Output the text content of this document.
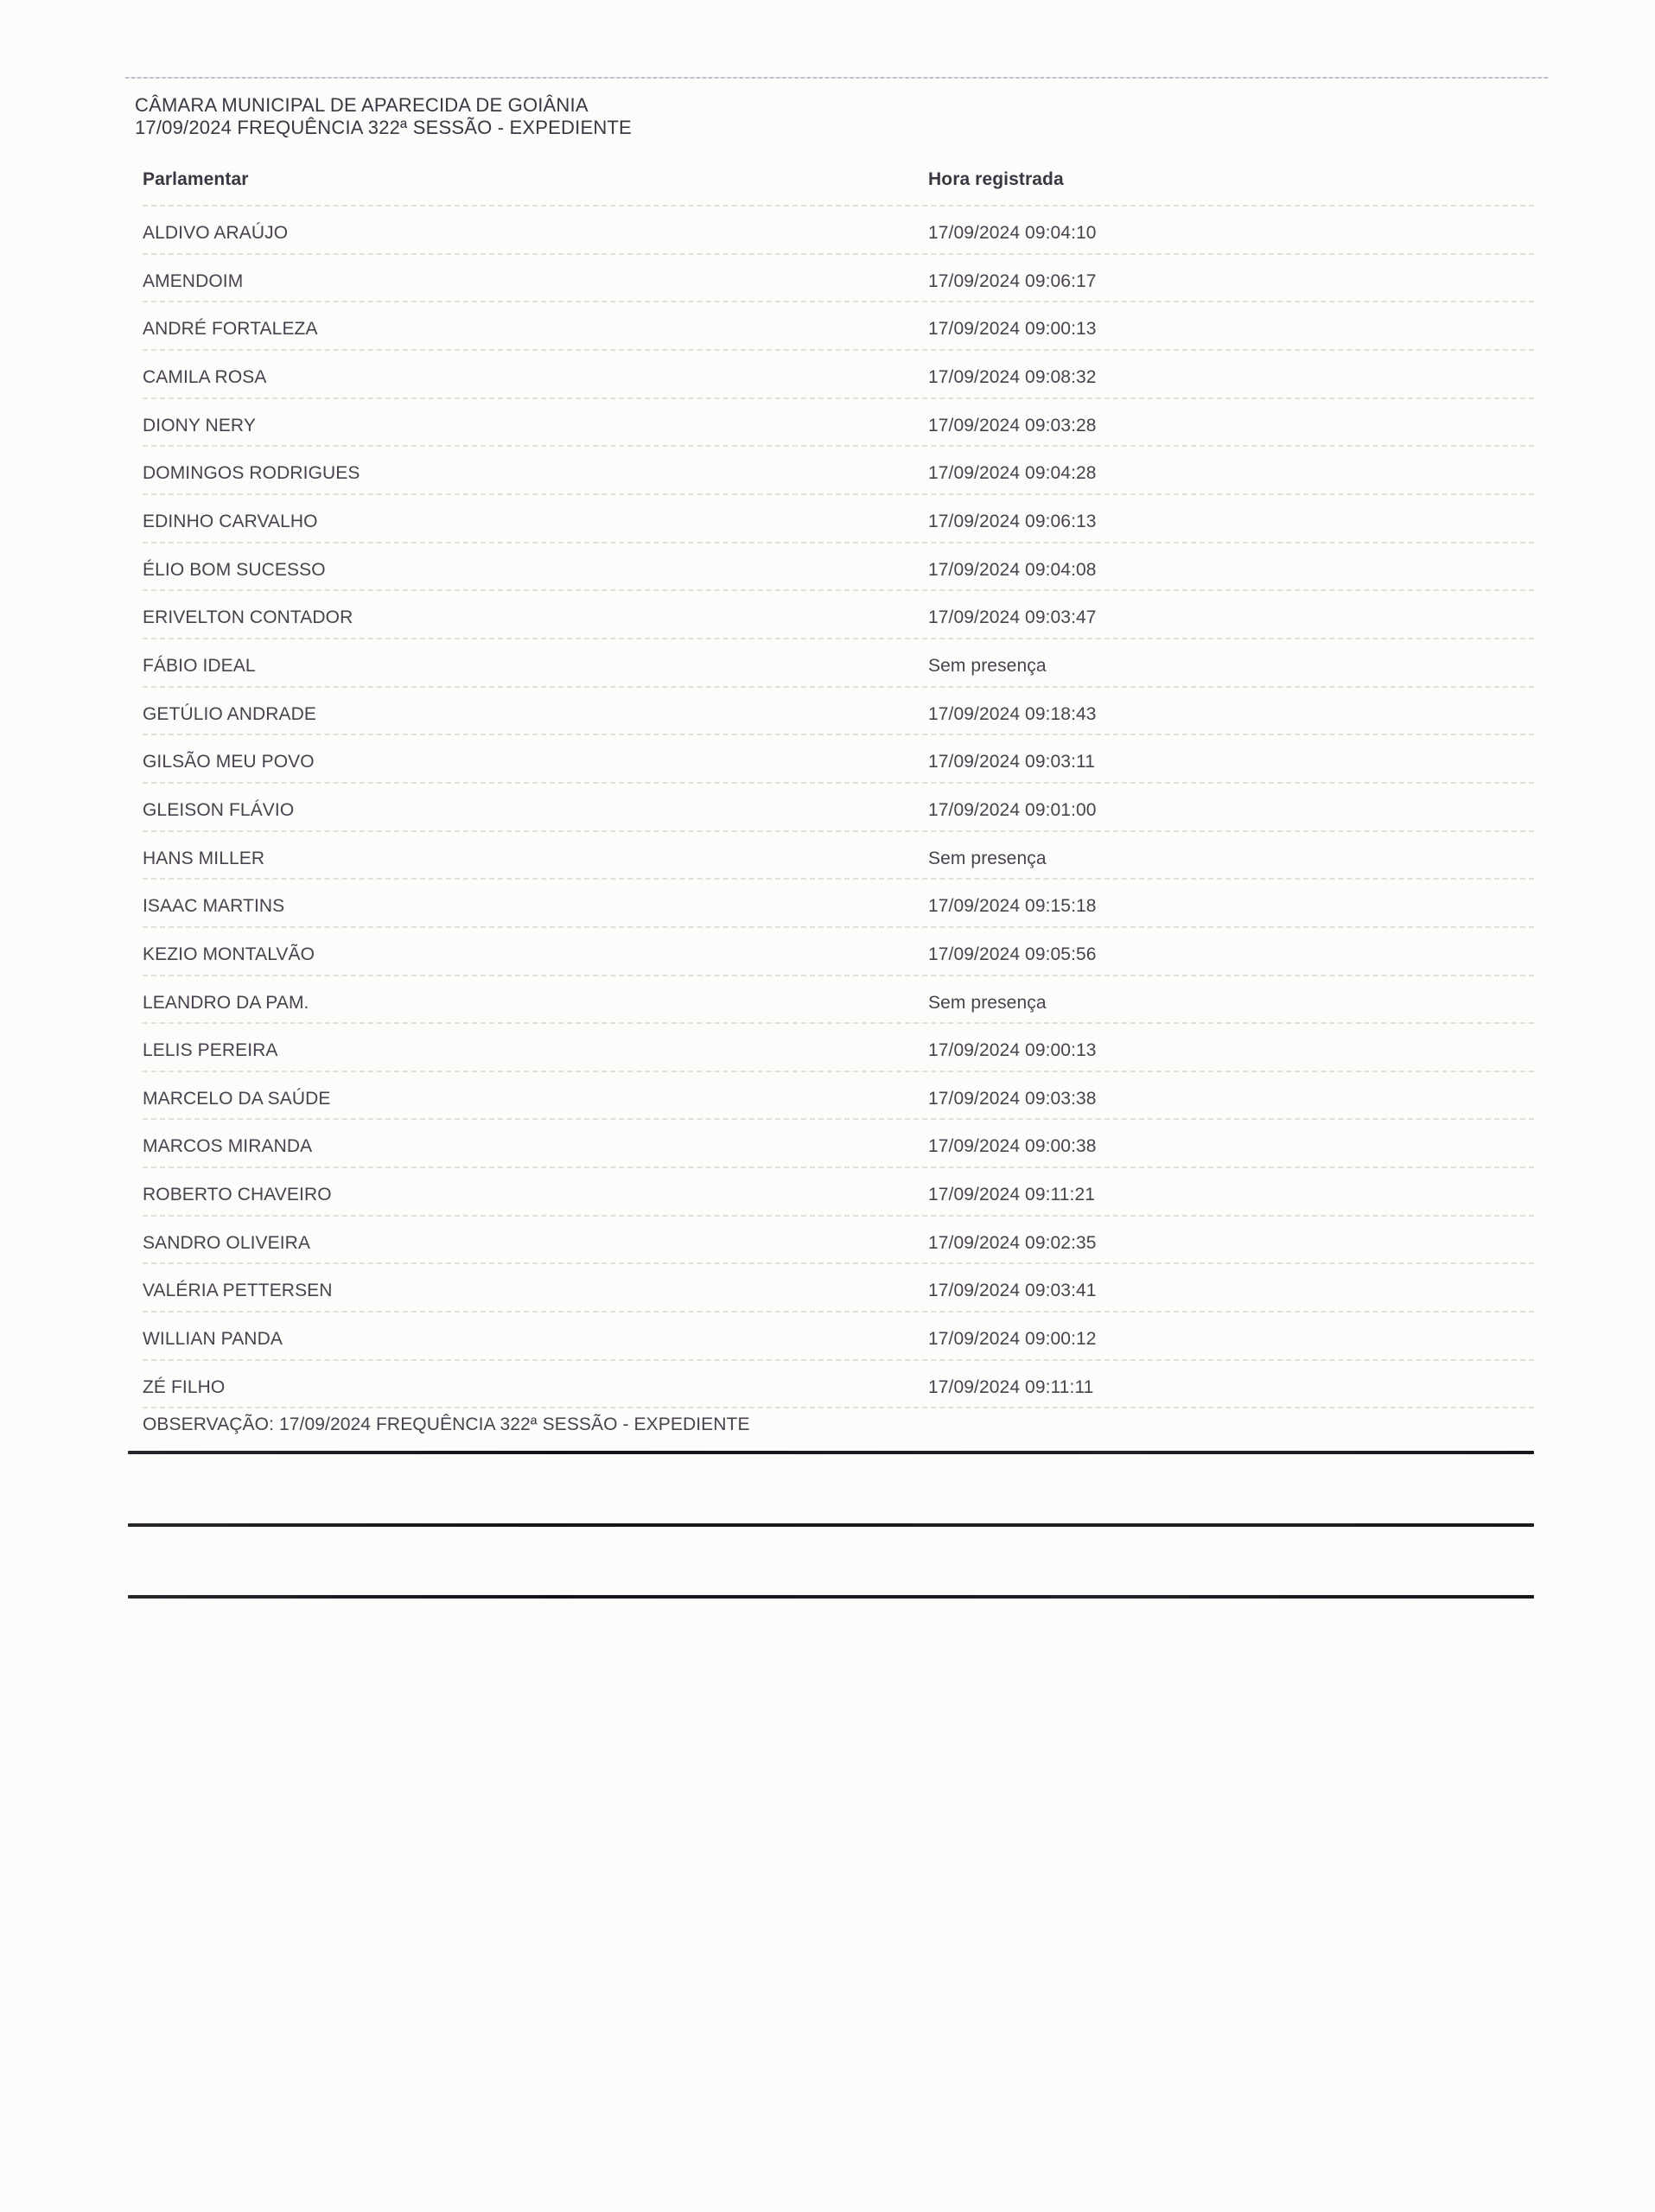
CÂMARA MUNICIPAL DE APARECIDA DE GOIÂNIA
17/09/2024 FREQUÊNCIA 322ª SESSÃO - EXPEDIENTE
Parlamentar	Hora registrada
ALDIVO ARAÚJO	17/09/2024 09:04:10
AMENDOIM	17/09/2024 09:06:17
ANDRÉ FORTALEZA	17/09/2024 09:00:13
CAMILA ROSA	17/09/2024 09:08:32
DIONY NERY	17/09/2024 09:03:28
DOMINGOS RODRIGUES	17/09/2024 09:04:28
EDINHO CARVALHO	17/09/2024 09:06:13
ÉLIO BOM SUCESSO	17/09/2024 09:04:08
ERIVELTON CONTADOR	17/09/2024 09:03:47
FÁBIO IDEAL	Sem presença
GETÚLIO ANDRADE	17/09/2024 09:18:43
GILSÃO MEU POVO	17/09/2024 09:03:11
GLEISON FLÁVIO	17/09/2024 09:01:00
HANS MILLER	Sem presença
ISAAC MARTINS	17/09/2024 09:15:18
KEZIO MONTALVÃO	17/09/2024 09:05:56
LEANDRO DA PAM.	Sem presença
LELIS PEREIRA	17/09/2024 09:00:13
MARCELO DA SAÚDE	17/09/2024 09:03:38
MARCOS MIRANDA	17/09/2024 09:00:38
ROBERTO CHAVEIRO	17/09/2024 09:11:21
SANDRO OLIVEIRA	17/09/2024 09:02:35
VALÉRIA PETTERSEN	17/09/2024 09:03:41
WILLIAN PANDA	17/09/2024 09:00:12
ZÉ FILHO	17/09/2024 09:11:11
OBSERVAÇÃO: 17/09/2024 FREQUÊNCIA 322ª SESSÃO - EXPEDIENTE
